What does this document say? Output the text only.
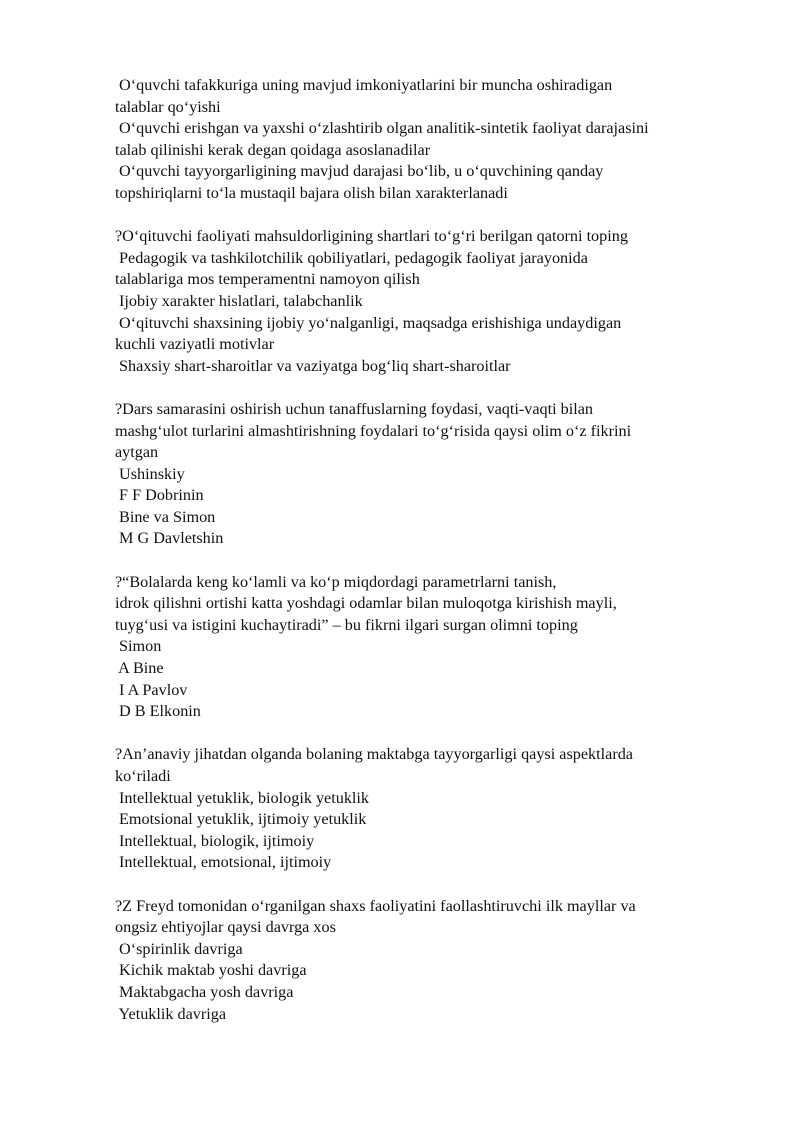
O‘quvchi tafakkuriga uning mavjud imkoniyatlarini bir muncha oshiradigan
talablar qo‘yishi
O‘quvchi erishgan va yaxshi o‘zlashtirib olgan analitik-sintetik faoliyat darajasini
talab qilinishi kerak degan qoidaga asoslanadilar
O‘quvchi tayyorgarligining mavjud darajasi bo‘lib, u o‘quvchining qanday
topshiriqlarni to‘la mustaqil bajara olish bilan xarakterlanadi
?O‘qituvchi faoliyati mahsuldorligining shartlari to‘g‘ri berilgan qatorni toping
Pedagogik va tashkilotchilik qobiliyatlari, pedagogik faoliyat jarayonida
talablariga mos temperamentni namoyon qilish
Ijobiy xarakter hislatlari, talabchanlik
O‘qituvchi shaxsining ijobiy yo‘nalganligi, maqsadga erishishiga undaydigan
kuchli vaziyatli motivlar
Shaxsiy shart-sharoitlar va vaziyatga bog‘liq shart-sharoitlar
?Dars samarasini oshirish uchun tanaffuslarning foydasi, vaqti-vaqti bilan
mashg‘ulot turlarini almashtirishning foydalari to‘g‘risida qaysi olim o‘z fikrini
aytgan
Ushinskiy
F F Dobrinin
Bine va Simon
M G Davletshin
?“Bolalarda keng ko‘lamli va ko‘p miqdordagi parametrlarni tanish,
idrok qilishni ortishi katta yoshdagi odamlar bilan muloqotga kirishish mayli,
tuyg‘usi va istigini kuchaytiradi” – bu fikrni ilgari surgan olimni toping
Simon
A Bine
I A Pavlov
D B Elkonin
?An’anaviy jihatdan olganda bolaning maktabga tayyorgarligi qaysi aspektlarda
ko‘riladi
Intellektual yetuklik, biologik yetuklik
Emotsional yetuklik, ijtimoiy yetuklik
Intellektual, biologik, ijtimoiy
Intellektual, emotsional, ijtimoiy
?Z Freyd tomonidan o‘rganilgan shaxs faoliyatini faollashtiruvchi ilk mayllar va
ongsiz ehtiyojlar qaysi davrga xos
O‘spirinlik davriga
Kichik maktab yoshi davriga
Maktabgacha yosh davriga
Yetuklik davriga
